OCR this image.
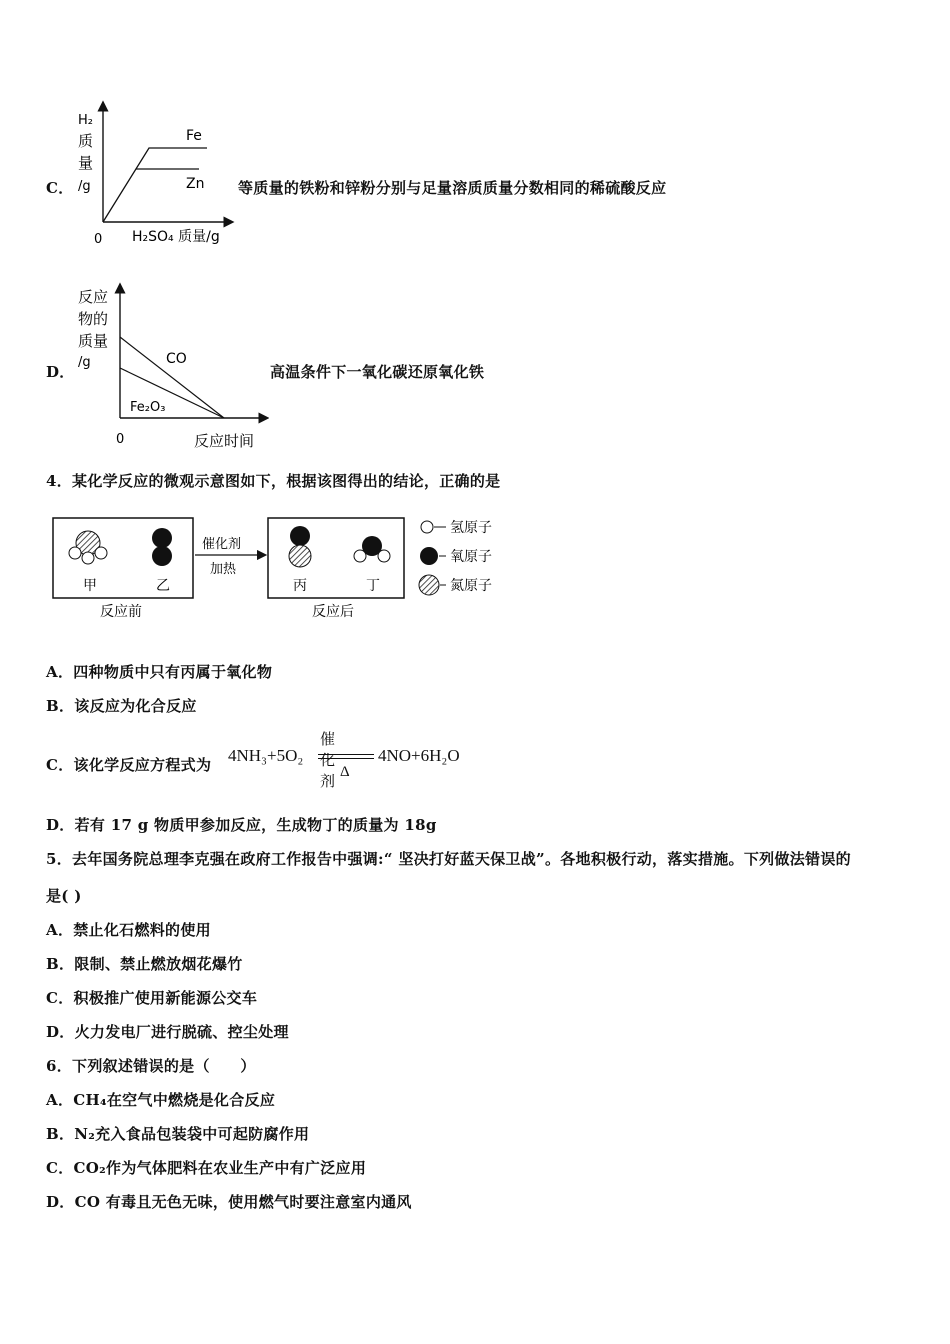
C．
H₂
质
量
/g
0 H₂SO₄ 质量/g
Fe
Zn 等质量的铁粉和锌粉分别与足量溶质质量分数相同的稀硫酸反应
D．
反应
物的
质量
/g
0	反应时间
CO
Fe₂O₃
高温条件下一氧化碳还原氧化铁
4．某化学反应的微观示意图如下，根据该图得出的结论，正确的是
甲	乙
反应前
催化剂
加热
丙	丁
反应后
氢原子
氧原子
氮原子
A．四种物质中只有丙属于氧化物
B．该反应为化合反应
C．该化学反应方程式为 4NH₃+5O₂
催化剂 Δ
4NO+6H₂O
D．若有 17 g 物质甲参加反应，生成物丁的质量为 18g
5．去年国务院总理李克强在政府工作报告中强调:“ 坚决打好蓝天保卫战”。各地积极行动，落实措施。下列做法错误的
是( )
A．禁止化石燃料的使用
B．限制、禁止燃放烟花爆竹
C．积极推广使用新能源公交车
D．火力发电厂进行脱硫、控尘处理
6．下列叙述错误的是（　　）
A．CH₄在空气中燃烧是化合反应
B．N₂充入食品包装袋中可起防腐作用
C．CO₂作为气体肥料在农业生产中有广泛应用
D．CO 有毒且无色无味，使用燃气时要注意室内通风
